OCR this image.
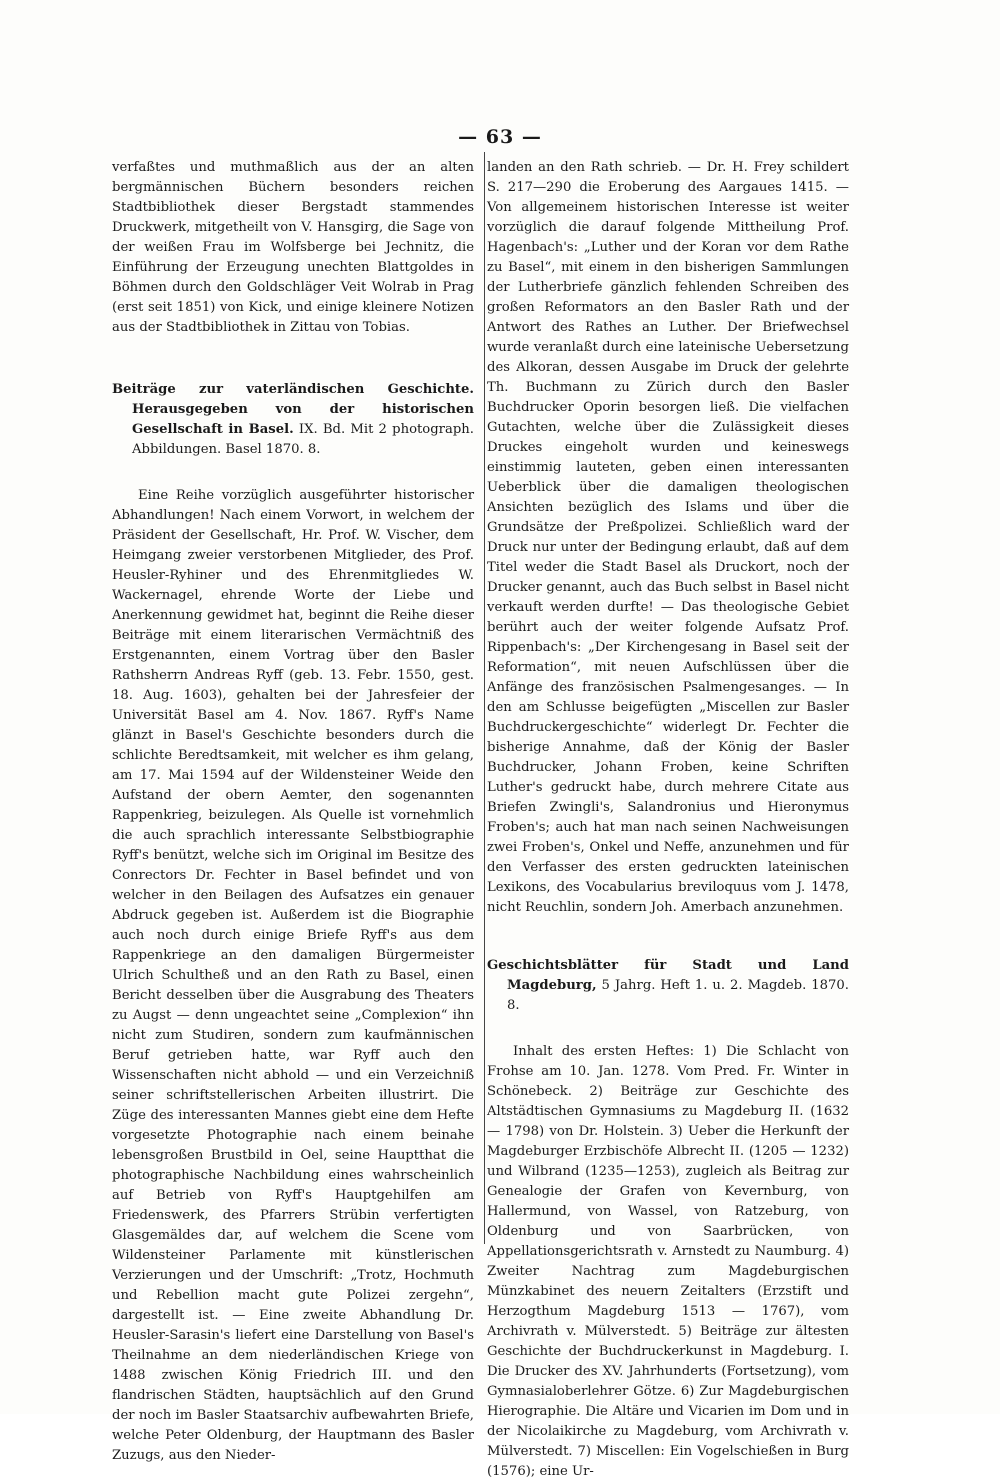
— 63 —

verfaßtes und muthmaßlich aus der an alten bergmännischen Büchern besonders reichen Stadtbibliothek dieser Bergstadt stammendes Druckwerk, mitgetheilt von V. Hansgirg, die Sage von der weißen Frau im Wolfsberge bei Jechnitz, die Einführung der Erzeugung unechten Blattgoldes in Böhmen durch den Goldschläger Veit Wolrab in Prag (erst seit 1851) von Kick, und einige kleinere Notizen aus der Stadtbibliothek in Zittau von Tobias.

Beiträge zur vaterländischen Geschichte. Herausgegeben von der historischen Gesellschaft in Basel. IX. Bd. Mit 2 photograph. Abbildungen. Basel 1870. 8.

Eine Reihe vorzüglich ausgeführter historischer Abhandlungen! Nach einem Vorwort, in welchem der Präsident der Gesellschaft, Hr. Prof. W. Vischer, dem Heimgang zweier verstorbenen Mitglieder, des Prof. Heusler-Ryhiner und des Ehrenmitgliedes W. Wackernagel, ehrende Worte der Liebe und Anerkennung gewidmet hat, beginnt die Reihe dieser Beiträge mit einem literarischen Vermächtniß des Erstgenannten, einem Vortrag über den Basler Rathsherrn Andreas Ryff (geb. 13. Febr. 1550, gest. 18. Aug. 1603), gehalten bei der Jahresfeier der Universität Basel am 4. Nov. 1867. Ryff's Name glänzt in Basel's Geschichte besonders durch die schlichte Beredtsamkeit, mit welcher es ihm gelang, am 17. Mai 1594 auf der Wildensteiner Weide den Aufstand der obern Aemter, den sogenannten Rappenkrieg, beizulegen. Als Quelle ist vornehmlich die auch sprachlich interessante Selbstbiographie Ryff's benützt, welche sich im Original im Besitze des Conrectors Dr. Fechter in Basel befindet und von welcher in den Beilagen des Aufsatzes ein genauer Abdruck gegeben ist. Außerdem ist die Biographie auch noch durch einige Briefe Ryff's aus dem Rappenkriege an den damaligen Bürgermeister Ulrich Schultheß und an den Rath zu Basel, einen Bericht desselben über die Ausgrabung des Theaters zu Augst — denn ungeachtet seine „Complexion“ ihn nicht zum Studiren, sondern zum kaufmännischen Beruf getrieben hatte, war Ryff auch den Wissenschaften nicht abhold — und ein Verzeichniß seiner schriftstellerischen Arbeiten illustrirt. Die Züge des interessanten Mannes giebt eine dem Hefte vorgesetzte Photographie nach einem beinahe lebensgroßen Brustbild in Oel, seine Hauptthat die photographische Nachbildung eines wahrscheinlich auf Betrieb von Ryff's Hauptgehilfen am Friedenswerk, des Pfarrers Strübin verfertigten Glasgemäldes dar, auf welchem die Scene vom Wildensteiner Parlamente mit künstlerischen Verzierungen und der Umschrift: „Trotz, Hochmuth und Rebellion macht gute Polizei zergehn“, dargestellt ist. — Eine zweite Abhandlung Dr. Heusler-Sarasin's liefert eine Darstellung von Basel's Theilnahme an dem niederländischen Kriege von 1488 zwischen König Friedrich III. und den flandrischen Städten, hauptsächlich auf den Grund der noch im Basler Staatsarchiv aufbewahrten Briefe, welche Peter Oldenburg, der Hauptmann des Basler Zuzugs, aus den Nieder-

landen an den Rath schrieb. — Dr. H. Frey schildert S. 217—290 die Eroberung des Aargaues 1415. — Von allgemeinem historischen Interesse ist weiter vorzüglich die darauf folgende Mittheilung Prof. Hagenbach's: „Luther und der Koran vor dem Rathe zu Basel“, mit einem in den bisherigen Sammlungen der Lutherbriefe gänzlich fehlenden Schreiben des großen Reformators an den Basler Rath und der Antwort des Rathes an Luther. Der Briefwechsel wurde veranlaßt durch eine lateinische Uebersetzung des Alkoran, dessen Ausgabe im Druck der gelehrte Th. Buchmann zu Zürich durch den Basler Buchdrucker Oporin besorgen ließ. Die vielfachen Gutachten, welche über die Zulässigkeit dieses Druckes eingeholt wurden und keineswegs einstimmig lauteten, geben einen interessanten Ueberblick über die damaligen theologischen Ansichten bezüglich des Islams und über die Grundsätze der Preßpolizei. Schließlich ward der Druck nur unter der Bedingung erlaubt, daß auf dem Titel weder die Stadt Basel als Druckort, noch der Drucker genannt, auch das Buch selbst in Basel nicht verkauft werden durfte! — Das theologische Gebiet berührt auch der weiter folgende Aufsatz Prof. Rippenbach's: „Der Kirchengesang in Basel seit der Reformation“, mit neuen Aufschlüssen über die Anfänge des französischen Psalmengesanges. — In den am Schlusse beigefügten „Miscellen zur Basler Buchdruckergeschichte“ widerlegt Dr. Fechter die bisherige Annahme, daß der König der Basler Buchdrucker, Johann Froben, keine Schriften Luther's gedruckt habe, durch mehrere Citate aus Briefen Zwingli's, Salandronius und Hieronymus Froben's; auch hat man nach seinen Nachweisungen zwei Froben's, Onkel und Neffe, anzunehmen und für den Verfasser des ersten gedruckten lateinischen Lexikons, des Vocabularius breviloquus vom J. 1478, nicht Reuchlin, sondern Joh. Amerbach anzunehmen.

Geschichtsblätter für Stadt und Land Magdeburg, 5 Jahrg. Heft 1. u. 2. Magdeb. 1870. 8.

Inhalt des ersten Heftes: 1) Die Schlacht von Frohse am 10. Jan. 1278. Vom Pred. Fr. Winter in Schönebeck. 2) Beiträge zur Geschichte des Altstädtischen Gymnasiums zu Magdeburg II. (1632 — 1798) von Dr. Holstein. 3) Ueber die Herkunft der Magdeburger Erzbischöfe Albrecht II. (1205 — 1232) und Wilbrand (1235—1253), zugleich als Beitrag zur Genealogie der Grafen von Kevernburg, von Hallermund, von Wassel, von Ratzeburg, von Oldenburg und von Saarbrücken, von Appellationsgerichtsrath v. Arnstedt zu Naumburg. 4) Zweiter Nachtrag zum Magdeburgischen Münzkabinet des neuern Zeitalters (Erzstift und Herzogthum Magdeburg 1513 — 1767), vom Archivrath v. Mülverstedt. 5) Beiträge zur ältesten Geschichte der Buchdruckerkunst in Magdeburg. I. Die Drucker des XV. Jahrhunderts (Fortsetzung), vom Gymnasialoberlehrer Götze. 6) Zur Magdeburgischen Hierographie. Die Altäre und Vicarien im Dom und in der Nicolaikirche zu Magdeburg, vom Archivrath v. Mülverstedt. 7) Miscellen: Ein Vogelschießen in Burg (1576); eine Ur-
